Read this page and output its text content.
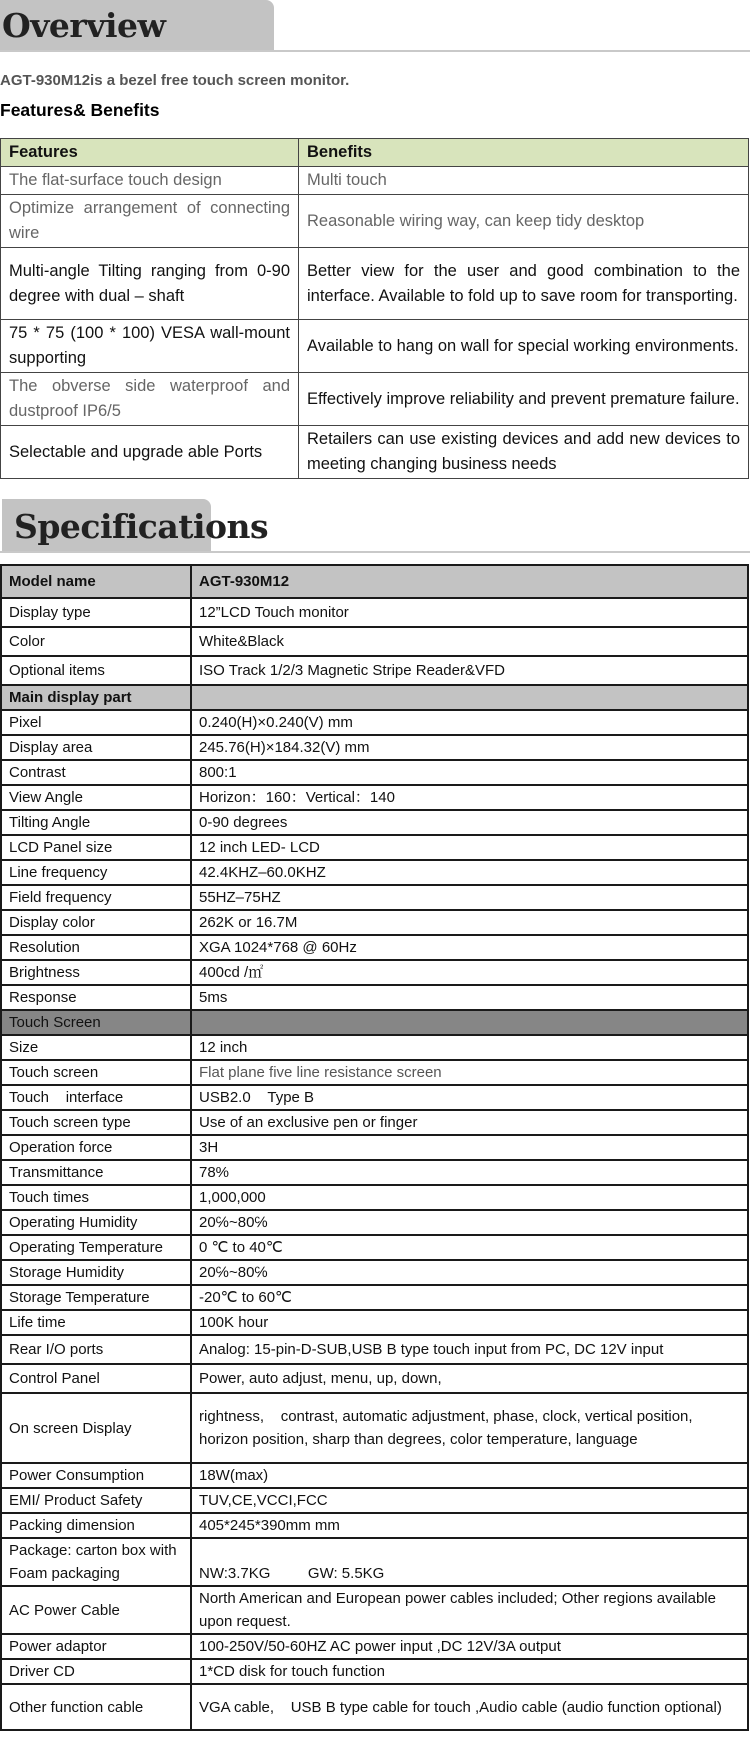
Overview
AGT-930M12is a bezel free touch screen monitor.
Features& Benefits
Features	Benefits
The flat-surface touch design	Multi touch
Optimize arrangement of connecting wire	Reasonable wiring way, can keep tidy desktop
Multi-angle Tilting ranging from 0-90 degree with dual – shaft	Better view for the user and good combination to the interface. Available to fold up to save room for transporting.
75 * 75 (100 * 100) VESA wall-mount supporting	Available to hang on wall for special working environments.
The obverse side waterproof and dustproof IP6/5	Effectively improve reliability and prevent premature failure.
Selectable and upgrade able Ports	Retailers can use existing devices and add new devices to meeting changing business needs
Specifications
Model name	AGT-930M12
Display type	12”LCD Touch monitor
Color	White&Black
Optional items	ISO Track 1/2/3 Magnetic Stripe Reader&VFD
Main display part	
Pixel	0.240(H)×0.240(V) mm
Display area	245.76(H)×184.32(V) mm
Contrast	800:1
View Angle	Horizon：160：Vertical：140
Tilting Angle	0-90 degrees
LCD Panel size	12 inch LED- LCD
Line frequency	42.4KHZ–60.0KHZ
Field frequency	55HZ–75HZ
Display color	262K or 16.7M
Resolution	XGA 1024*768 @ 60Hz
Brightness	400cd /㎡
Response	5ms
Touch Screen	
Size	12 inch
Touch screen	Flat plane five line resistance screen
Touch    interface	USB2.0    Type B
Touch screen type	Use of an exclusive pen or finger
Operation force	3H
Transmittance	78%
Touch times	1,000,000
Operating Humidity	20℅~80℅
Operating Temperature	0 ℃ to 40℃
Storage Humidity	20℅~80℅
Storage Temperature	-20℃ to 60℃
Life time	100K hour
Rear I/O ports	Analog: 15-pin-D-SUB,USB B type touch input from PC, DC 12V input
Control Panel	Power, auto adjust, menu, up, down,
On screen Display	rightness,    contrast, automatic adjustment, phase, clock, vertical position, horizon position, sharp than degrees, color temperature, language
Power Consumption	18W(max)
EMI/ Product Safety	TUV,CE,VCCI,FCC
Packing dimension	405*245*390mm mm
Package: carton box with Foam packaging	NW:3.7KG         GW: 5.5KG
AC Power Cable	North American and European power cables included; Other regions available upon request.
Power adaptor	100-250V/50-60HZ AC power input ,DC 12V/3A output
Driver CD	1*CD disk for touch function
Other function cable	VGA cable,    USB B type cable for touch ,Audio cable (audio function optional)
